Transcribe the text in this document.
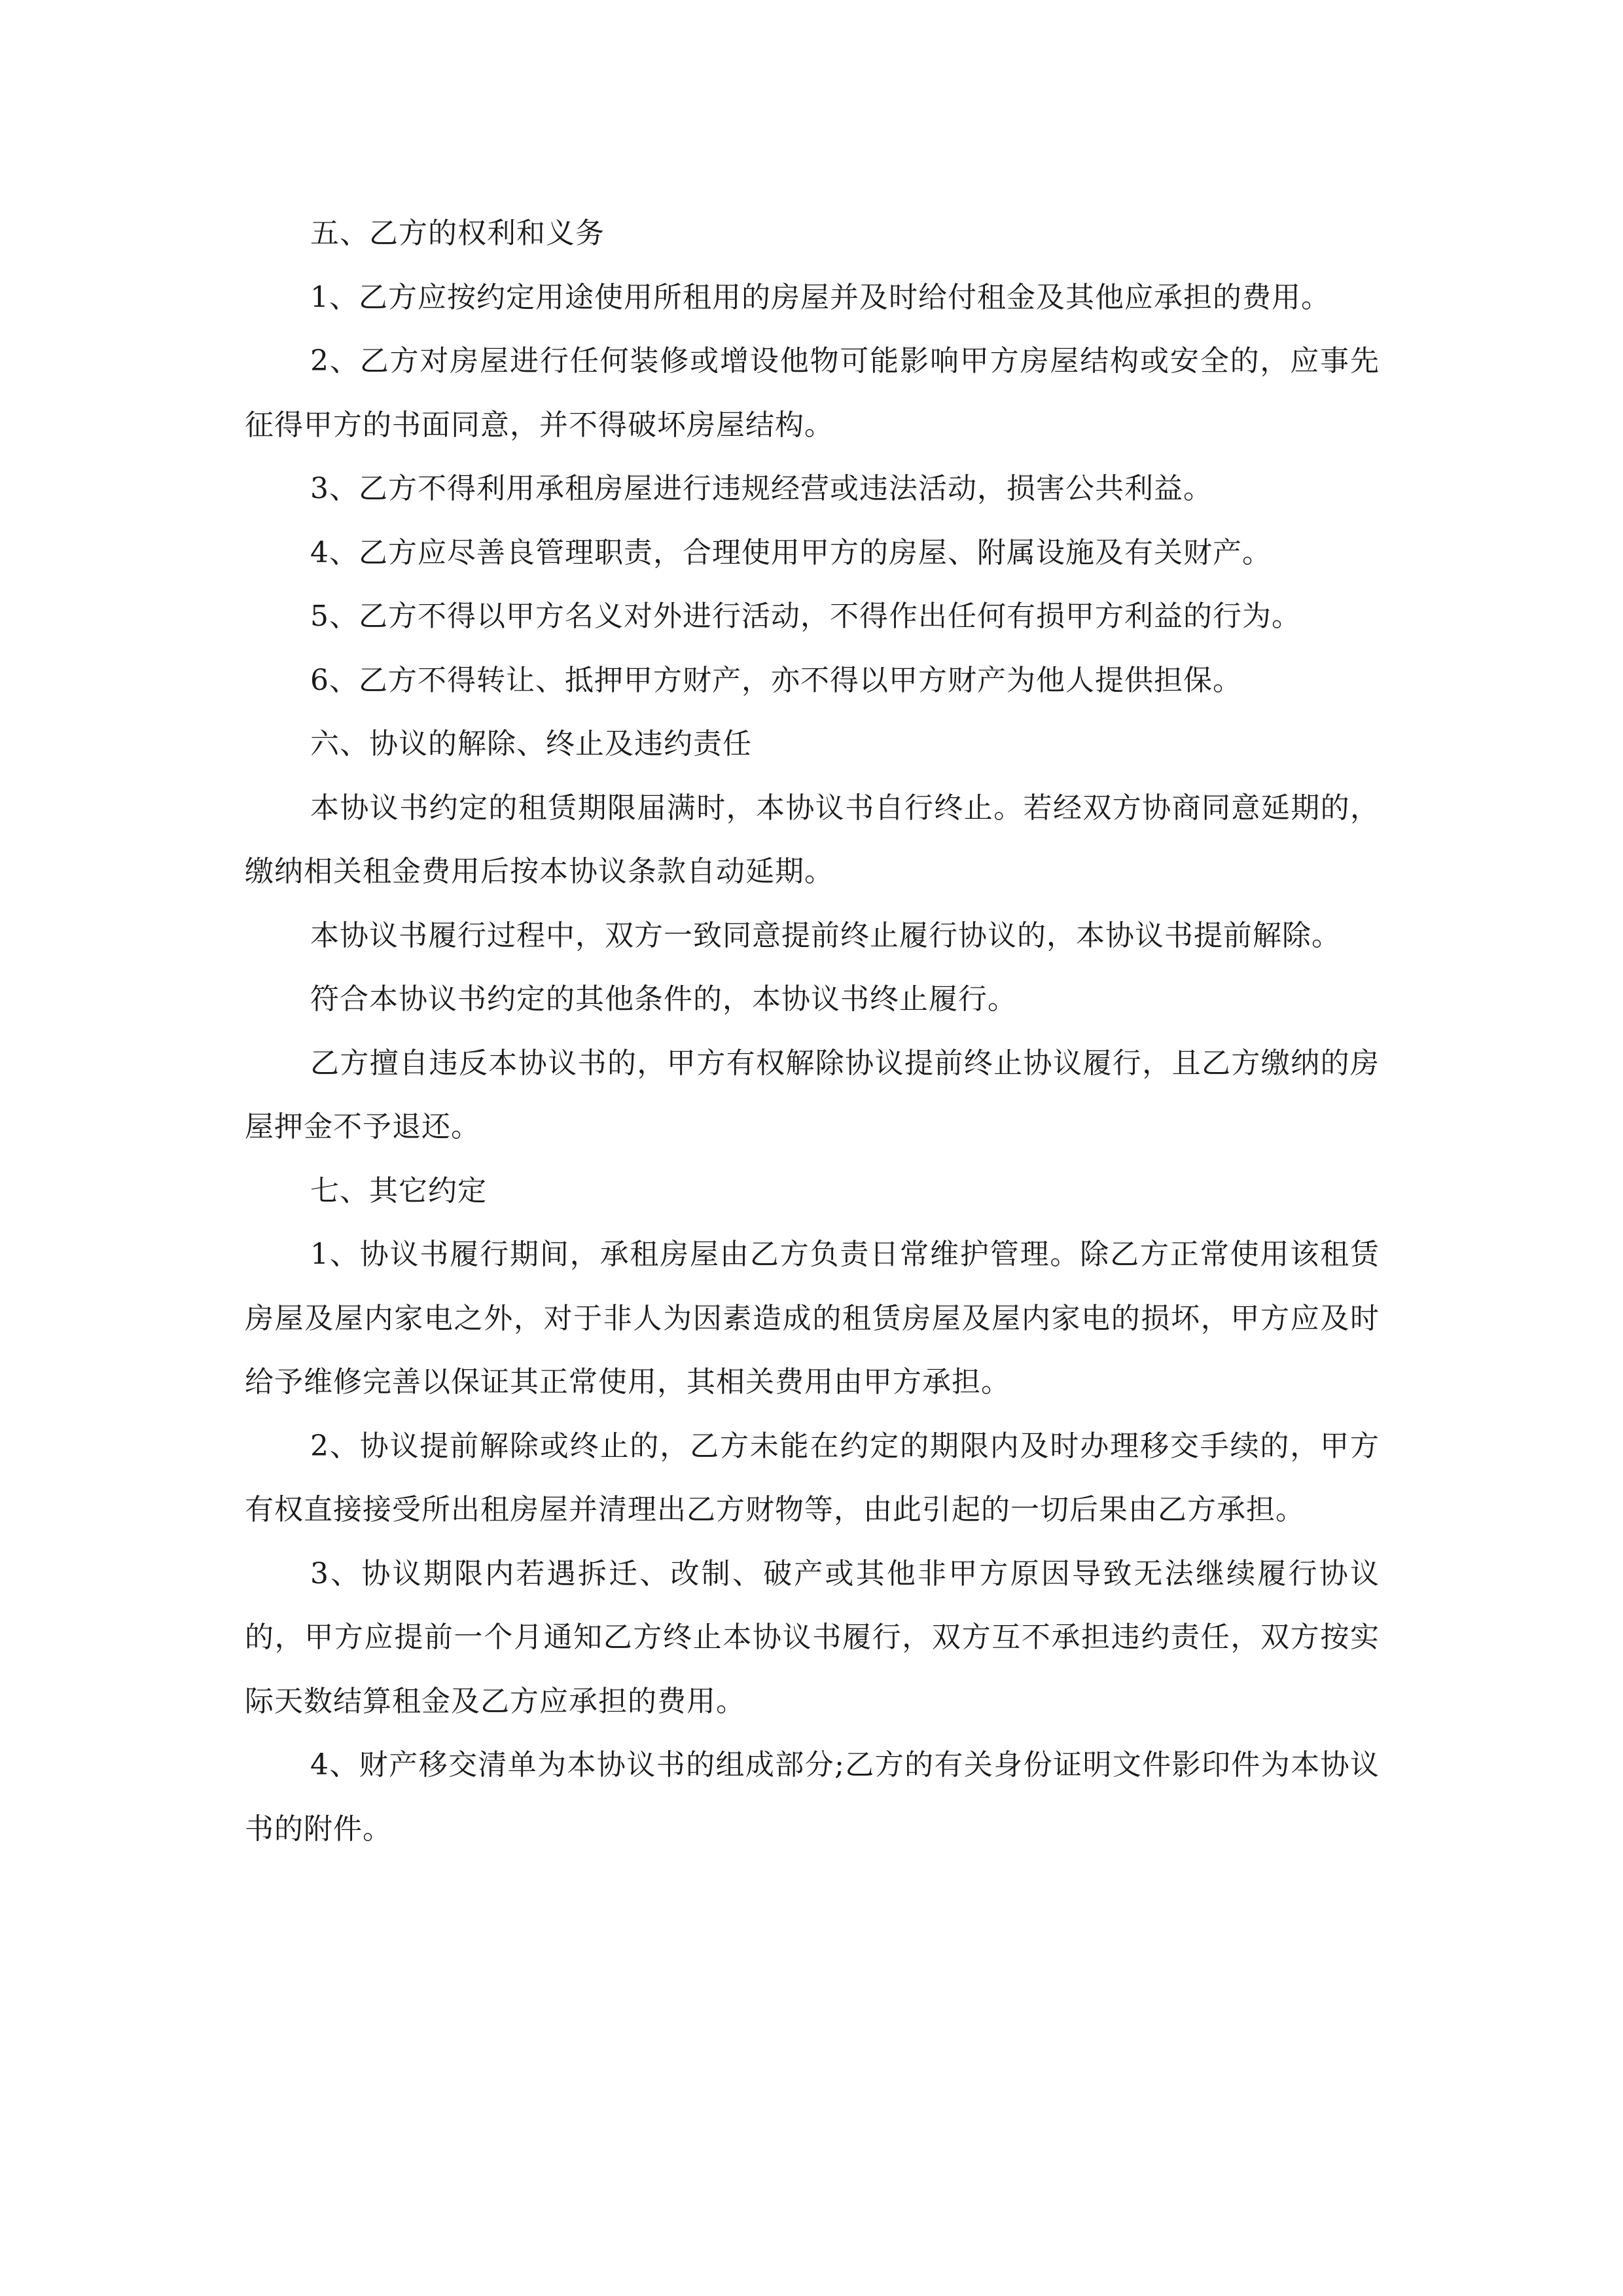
五、乙方的权利和义务

1、乙方应按约定用途使用所租用的房屋并及时给付租金及其他应承担的费用。

2、乙方对房屋进行任何装修或增设他物可能影响甲方房屋结构或安全的，应事先征得甲方的书面同意，并不得破坏房屋结构。

3、乙方不得利用承租房屋进行违规经营或违法活动，损害公共利益。

4、乙方应尽善良管理职责，合理使用甲方的房屋、附属设施及有关财产。

5、乙方不得以甲方名义对外进行活动，不得作出任何有损甲方利益的行为。

6、乙方不得转让、抵押甲方财产，亦不得以甲方财产为他人提供担保。

六、协议的解除、终止及违约责任

本协议书约定的租赁期限届满时，本协议书自行终止。若经双方协商同意延期的，缴纳相关租金费用后按本协议条款自动延期。

本协议书履行过程中，双方一致同意提前终止履行协议的，本协议书提前解除。

符合本协议书约定的其他条件的，本协议书终止履行。

乙方擅自违反本协议书的，甲方有权解除协议提前终止协议履行，且乙方缴纳的房屋押金不予退还。

七、其它约定

1、协议书履行期间，承租房屋由乙方负责日常维护管理。除乙方正常使用该租赁房屋及屋内家电之外，对于非人为因素造成的租赁房屋及屋内家电的损坏，甲方应及时给予维修完善以保证其正常使用，其相关费用由甲方承担。

2、协议提前解除或终止的，乙方未能在约定的期限内及时办理移交手续的，甲方有权直接接受所出租房屋并清理出乙方财物等，由此引起的一切后果由乙方承担。

3、协议期限内若遇拆迁、改制、破产或其他非甲方原因导致无法继续履行协议的，甲方应提前一个月通知乙方终止本协议书履行，双方互不承担违约责任，双方按实际天数结算租金及乙方应承担的费用。

4、财产移交清单为本协议书的组成部分;乙方的有关身份证明文件影印件为本协议书的附件。
